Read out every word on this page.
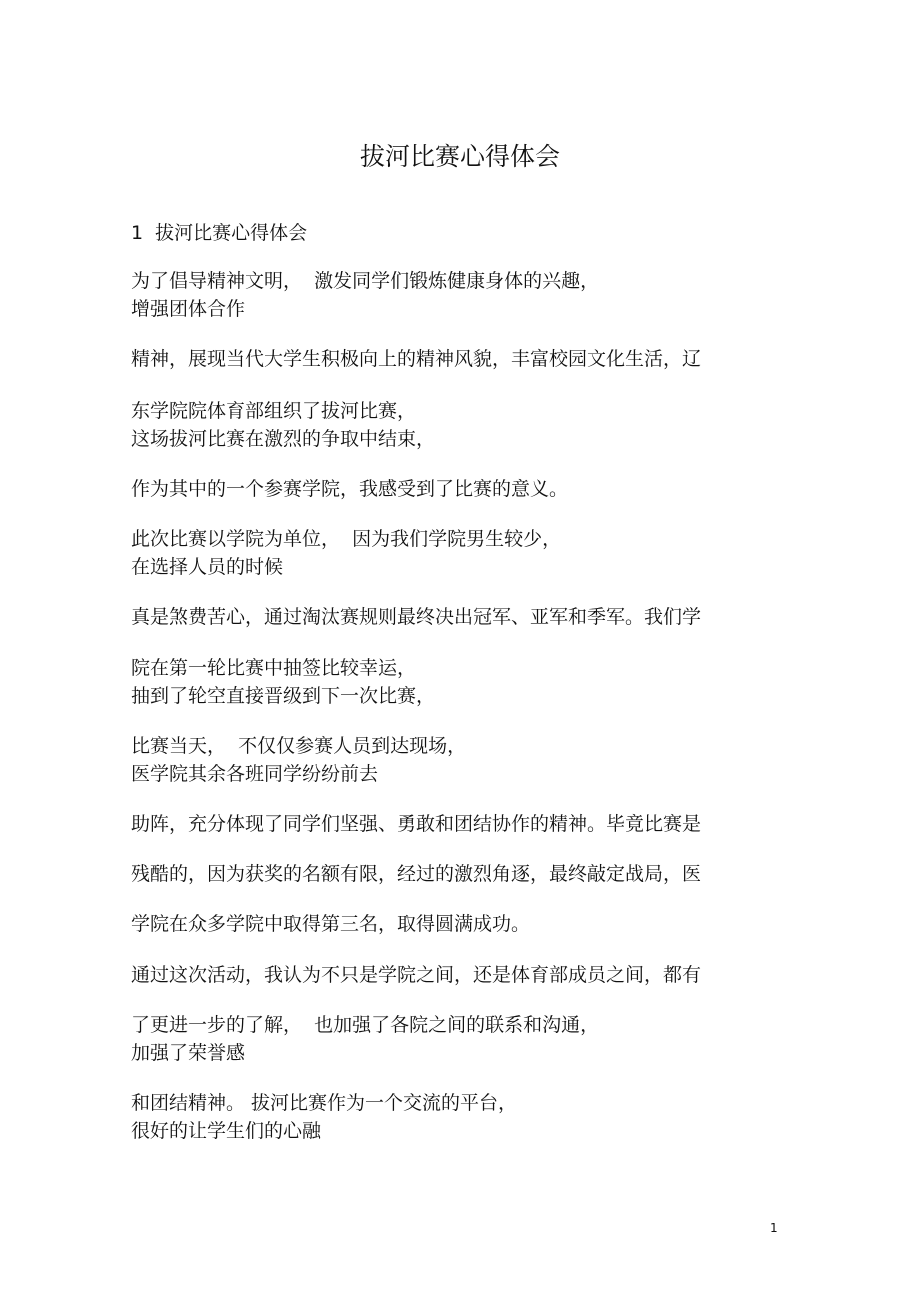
拔河比赛心得体会
1  拔河比赛心得体会
为了倡导精神文明，  激发同学们锻炼健康身体的兴趣，
增强团体合作
精神，展现当代大学生积极向上的精神风貌，丰富校园文化生活，辽
东学院院体育部组织了拔河比赛，
这场拔河比赛在激烈的争取中结束，
作为其中的一个参赛学院，我感受到了比赛的意义。
此次比赛以学院为单位，  因为我们学院男生较少，
在选择人员的时候
真是煞费苦心，通过淘汰赛规则最终决出冠军、亚军和季军。我们学
院在第一轮比赛中抽签比较幸运，
抽到了轮空直接晋级到下一次比赛，
比赛当天，  不仅仅参赛人员到达现场，
医学院其余各班同学纷纷前去
助阵，充分体现了同学们坚强、勇敢和团结协作的精神。毕竟比赛是
残酷的，因为获奖的名额有限，经过的激烈角逐，最终敲定战局，医
学院在众多学院中取得第三名，取得圆满成功。
通过这次活动，我认为不只是学院之间，还是体育部成员之间，都有
了更进一步的了解，  也加强了各院之间的联系和沟通，
加强了荣誉感
和团结精神。 拔河比赛作为一个交流的平台，
很好的让学生们的心融
1
